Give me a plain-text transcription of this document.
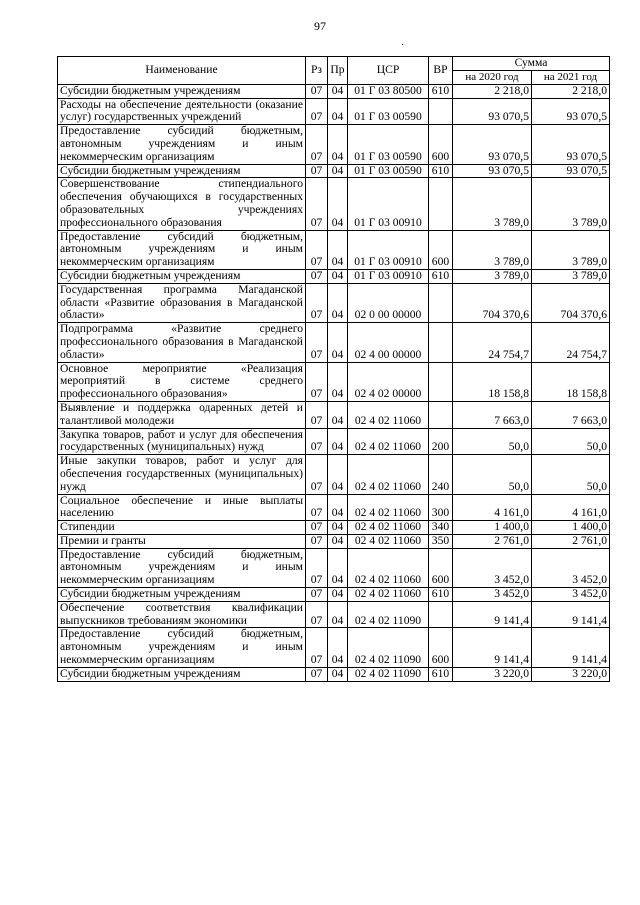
97
·
Наименование	Рз	Пр	ЦСР	ВР	Сумма	
					на 2020 год	на 2021 год
Субсидии бюджетным учреждениям	07	04	01 Г 03 80500	610	2 218,0	2 218,0
Расходы на обеспечение деятельности (оказание услуг) государственных учреждений	07	04	01 Г 03 00590		93 070,5	93 070,5
Предоставление субсидий бюджетным, автономным учреждениям и иным некоммерческим организациям	07	04	01 Г 03 00590	600	93 070,5	93 070,5
Субсидии бюджетным учреждениям	07	04	01 Г 03 00590	610	93 070,5	93 070,5
Совершенствование стипендиального обеспечения обучающихся в государственных образовательных учреждениях профессионального образования	07	04	01 Г 03 00910		3 789,0	3 789,0
Предоставление субсидий бюджетным, автономным учреждениям и иным некоммерческим организациям	07	04	01 Г 03 00910	600	3 789,0	3 789,0
Субсидии бюджетным учреждениям	07	04	01 Г 03 00910	610	3 789,0	3 789,0
Государственная программа Магаданской области «Развитие образования в Магаданской области»	07	04	02 0 00 00000		704 370,6	704 370,6
Подпрограмма «Развитие среднего профессионального образования в Магаданской области»	07	04	02 4 00 00000		24 754,7	24 754,7
Основное мероприятие «Реализация мероприятий в системе среднего профессионального образования»	07	04	02 4 02 00000		18 158,8	18 158,8
Выявление и поддержка одаренных детей и талантливой молодежи	07	04	02 4 02 11060		7 663,0	7 663,0
Закупка товаров, работ и услуг для обеспечения государственных (муниципальных) нужд	07	04	02 4 02 11060	200	50,0	50,0
Иные закупки товаров, работ и услуг для обеспечения государственных (муниципальных) нужд	07	04	02 4 02 11060	240	50,0	50,0
Социальное обеспечение и иные выплаты населению	07	04	02 4 02 11060	300	4 161,0	4 161,0
Стипендии	07	04	02 4 02 11060	340	1 400,0	1 400,0
Премии и гранты	07	04	02 4 02 11060	350	2 761,0	2 761,0
Предоставление субсидий бюджетным, автономным учреждениям и иным некоммерческим организациям	07	04	02 4 02 11060	600	3 452,0	3 452,0
Субсидии бюджетным учреждениям	07	04	02 4 02 11060	610	3 452,0	3 452,0
Обеспечение соответствия квалификации выпускников требованиям экономики	07	04	02 4 02 11090		9 141,4	9 141,4
Предоставление субсидий бюджетным, автономным учреждениям и иным некоммерческим организациям	07	04	02 4 02 11090	600	9 141,4	9 141,4
Субсидии бюджетным учреждениям	07	04	02 4 02 11090	610	3 220,0	3 220,0
